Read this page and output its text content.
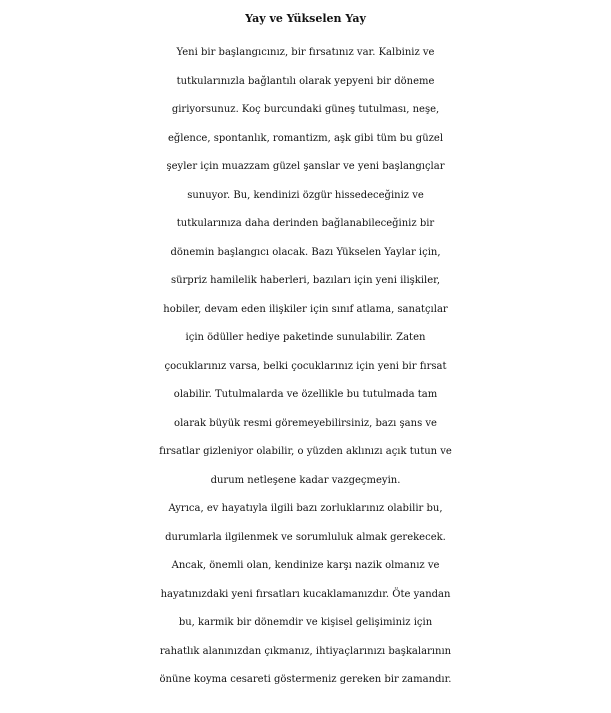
Yay ve Yükselen Yay
Yeni bir başlangıcınız, bir fırsatınız var. Kalbiniz ve
tutkularınızla bağlantılı olarak yepyeni bir döneme
giriyorsunuz. Koç burcundaki güneş tutulması, neşe,
eğlence, spontanlık, romantizm, aşk gibi tüm bu güzel
şeyler için muazzam güzel şanslar ve yeni başlangıçlar
sunuyor. Bu, kendinizi özgür hissedeceğiniz ve
tutkularınıza daha derinden bağlanabileceğiniz bir
dönemin başlangıcı olacak. Bazı Yükselen Yaylar için,
sürpriz hamilelik haberleri, bazıları için yeni ilişkiler,
hobiler, devam eden ilişkiler için sınıf atlama, sanatçılar
için ödüller hediye paketinde sunulabilir. Zaten
çocuklarınız varsa, belki çocuklarınız için yeni bir fırsat
olabilir. Tutulmalarda ve özellikle bu tutulmada tam
olarak büyük resmi göremeyebilirsiniz, bazı şans ve
fırsatlar gizleniyor olabilir, o yüzden aklınızı açık tutun ve
durum netleşene kadar vazgeçmeyin.
Ayrıca, ev hayatıyla ilgili bazı zorluklarınız olabilir bu,
durumlarla ilgilenmek ve sorumluluk almak gerekecek.
Ancak, önemli olan, kendinize karşı nazik olmanız ve
hayatınızdaki yeni fırsatları kucaklamanızdır. Öte yandan
bu, karmik bir dönemdir ve kişisel gelişiminiz için
rahatlık alanınızdan çıkmanız, ihtiyaçlarınızı başkalarının
önüne koyma cesareti göstermeniz gereken bir zamandır.
